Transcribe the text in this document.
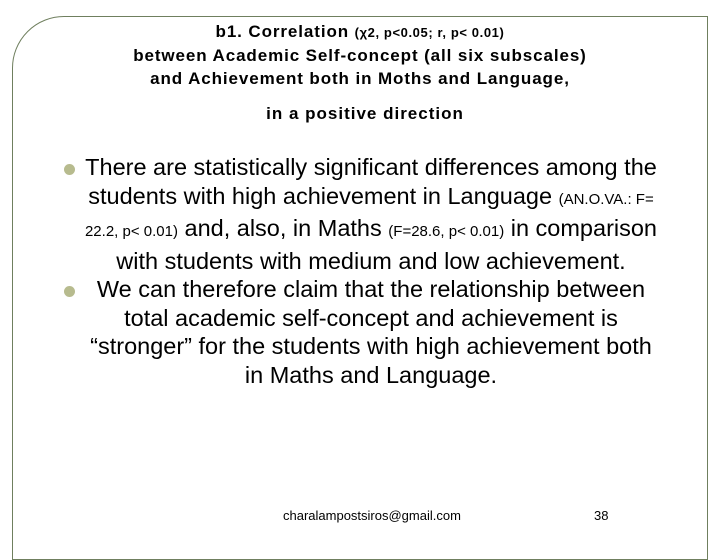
b1. Correlation (χ2, p<0.05; r, p< 0.01)
between Academic Self-concept (all six subscales)
and Achievement both in Moths and Language,
in a positive direction

There are statistically significant differences among the students with high achievement in Language (AN.O.VA.: F= 22.2, p< 0.01) and, also, in Maths (F=28.6, p< 0.01) in comparison with students with medium and low achievement.

We can therefore claim that the relationship between total academic self-concept and achievement is “stronger” for the students with high achievement both in Maths and Language.

charalampostsiros@gmail.com	38
